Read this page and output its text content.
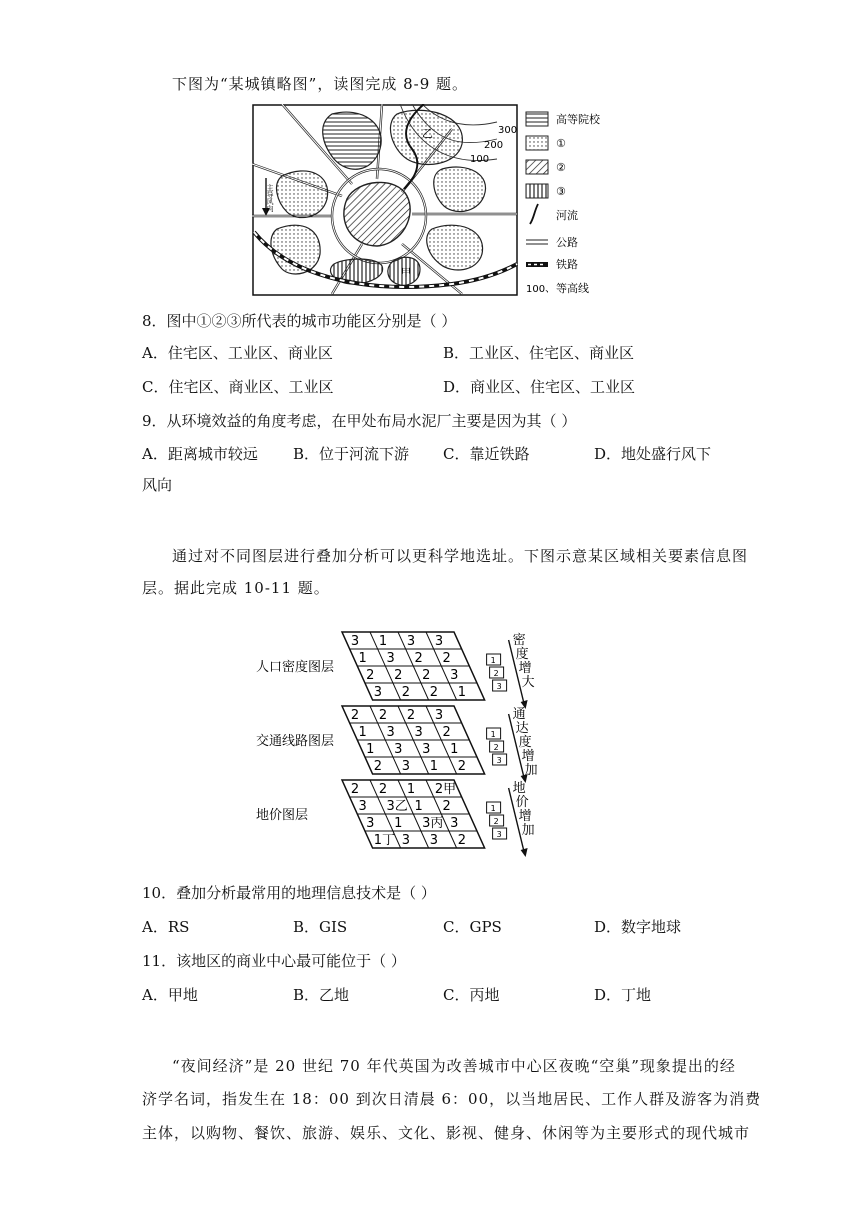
下图为“某城镇略图”，读图完成 8-9 题。
300
200
100
乙
甲
主导风向
高等院校
①
②
③
河流
公路
铁路
100、 等高线
8．图中①②③所代表的城市功能区分别是（ ）
A．住宅区、工业区、商业区	B．工业区、住宅区、商业区
C．住宅区、商业区、工业区	D．商业区、住宅区、工业区
9．从环境效益的角度考虑，在甲处布局水泥厂主要是因为其（ ）
A．距离城市较远 B．位于河流下游 C．靠近铁路	D．地处盛行风下
风向
通过对不同图层进行叠加分析可以更科学地选址。下图示意某区域相关要素信息图
层。据此完成 10-11 题。
3 1 3 3
1 3 2 2
2 2 2 3
3 2 2 1
人口密度图层	1
2
3
密
度
增
大
2 2 2 3
1 3 3 2
1 3 3 1
2 3 1 2
交通线路图层	1
2
3
通
达
度
增
加
2 2 1 2甲
3 3乙 1 2
3 1 3丙 3
1丁 3 3 2
地价图层	1
2
3
地
价
增
加
10．叠加分析最常用的地理信息技术是（ ）
A．RS	B．GIS	C．GPS	D．数字地球
11．该地区的商业中心最可能位于（ ）
A．甲地	B．乙地	C．丙地	D．丁地
“夜间经济”是 20 世纪 70 年代英国为改善城市中心区夜晚“空巢”现象提出的经
济学名词，指发生在 18：00 到次日清晨 6：00，以当地居民、工作人群及游客为消费
主体，以购物、餐饮、旅游、娱乐、文化、影视、健身、休闲等为主要形式的现代城市
